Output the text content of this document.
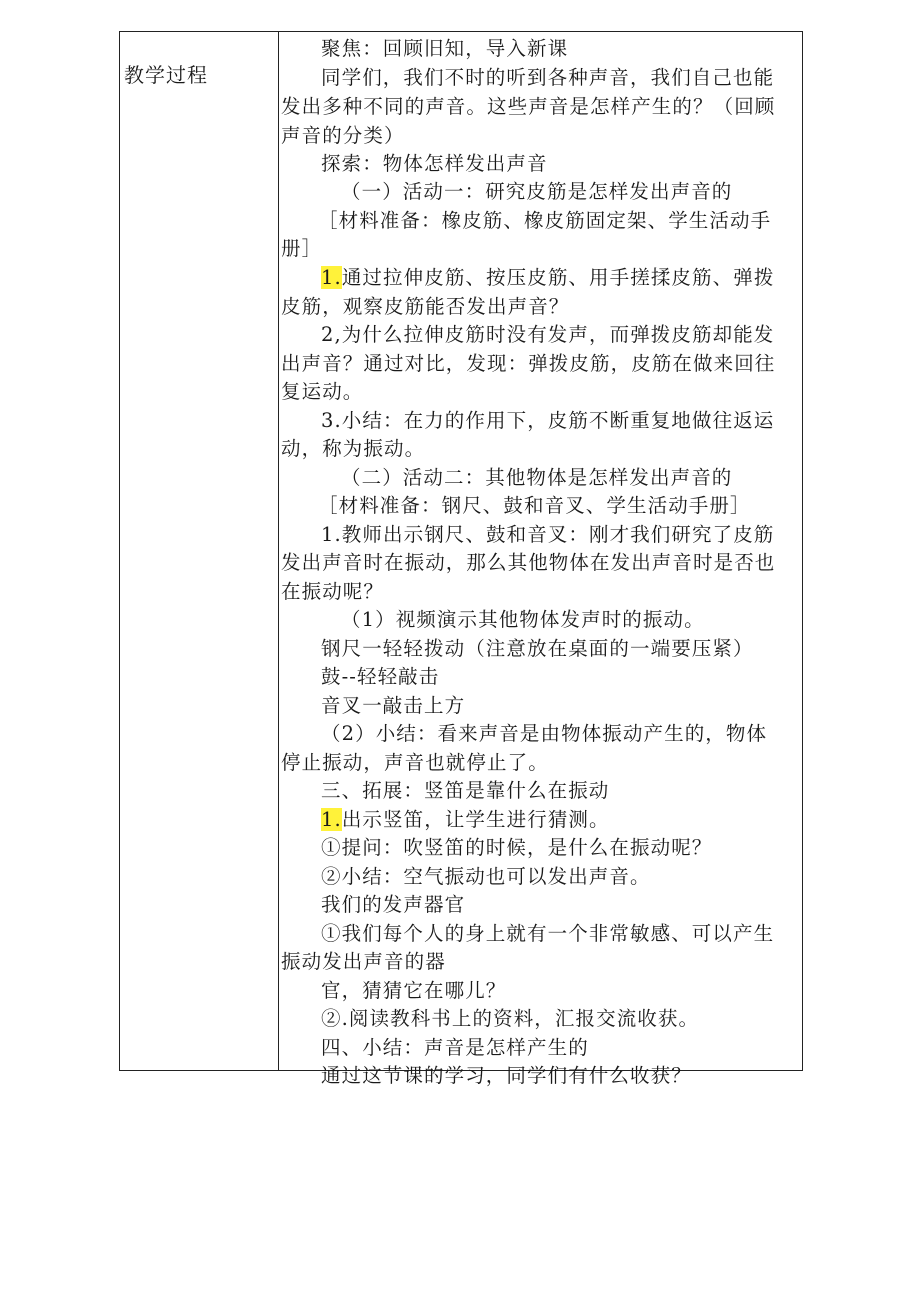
教学过程
聚焦：回顾旧知，导入新课
同学们，我们不时的听到各种声音，我们自己也能
发出多种不同的声音。这些声音是怎样产生的？（回顾
声音的分类）
探索：物体怎样发出声音
（一）活动一：研究皮筋是怎样发出声音的
［材料准备：橡皮筋、橡皮筋固定架、学生活动手
册］
1.通过拉伸皮筋、按压皮筋、用手搓揉皮筋、弹拨
皮筋，观察皮筋能否发出声音？
2,为什么拉伸皮筋时没有发声，而弹拨皮筋却能发
出声音？通过对比，发现：弹拨皮筋，皮筋在做来回往
复运动。
3.小结：在力的作用下，皮筋不断重复地做往返运
动，称为振动。
（二）活动二：其他物体是怎样发出声音的
［材料准备：钢尺、鼓和音叉、学生活动手册］
1.教师出示钢尺、鼓和音叉：刚才我们研究了皮筋
发出声音时在振动，那么其他物体在发出声音时是否也
在振动呢？
（1）视频演示其他物体发声时的振动。
钢尺一轻轻拨动（注意放在桌面的一端要压紧）
鼓--轻轻敲击
音叉一敲击上方
（2）小结：看来声音是由物体振动产生的，物体
停止振动，声音也就停止了。
三、拓展：竖笛是靠什么在振动
1.出示竖笛，让学生进行猜测。
①提问：吹竖笛的时候，是什么在振动呢？
②小结：空气振动也可以发出声音。
我们的发声器官
①我们每个人的身上就有一个非常敏感、可以产生
振动发出声音的器
官，猜猜它在哪儿？
②.阅读教科书上的资料，汇报交流收获。
四、小结：声音是怎样产生的
通过这节课的学习，同学们有什么收获？
